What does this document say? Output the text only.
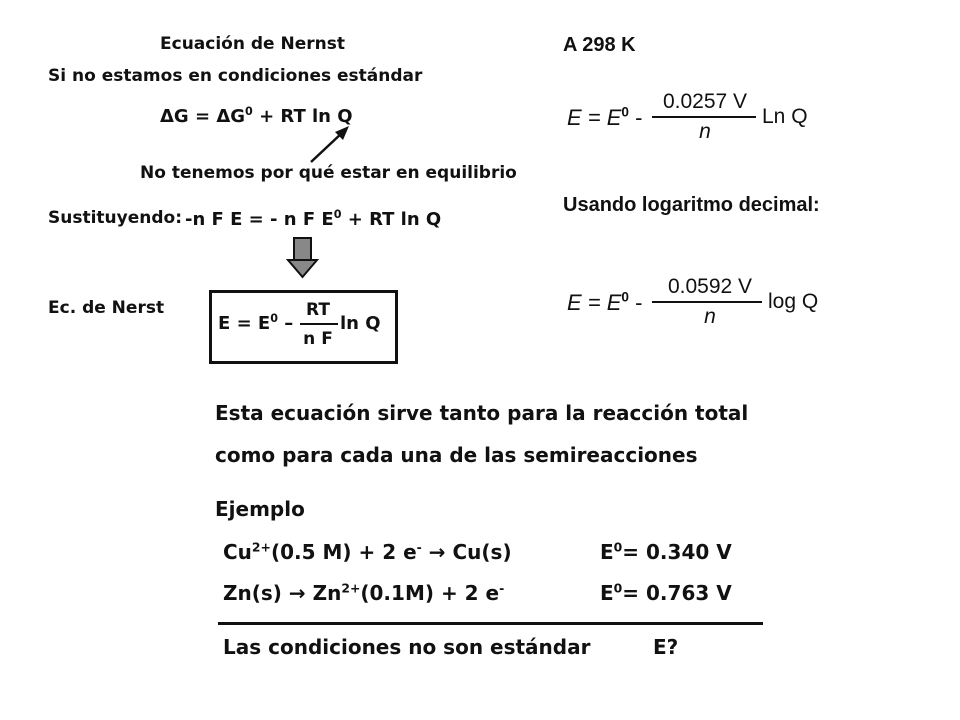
Ecuación de Nernst
Si no estamos en condiciones estándar
$\Delta G = \Delta G^0$ + RT ln Q
No tenemos por qué estar en equilibrio
Sustituyendo: -n F E = - n F $E^0$ + RT ln Q
Ec. de Nerst
$E = E^0$ –
RT
n F
ln Q
A 298 K
$E = E^0$ -
0.0257 V
n
Ln Q
Usando logaritmo decimal:
$E = E^0$ -
0.0592 V
n
log Q
Esta ecuación sirve tanto para la reacción total
como para cada una de las semireacciones
Ejemplo
$Cu^{2+}(0.5$ M) + 2 e- → Cu(s)	$E^0= 0.340$ V
$Zn(s) \to Zn^{2+}(0.1M) + 2$ e-	$E^0= 0.763$ V
Las condiciones no son estándar	E?
